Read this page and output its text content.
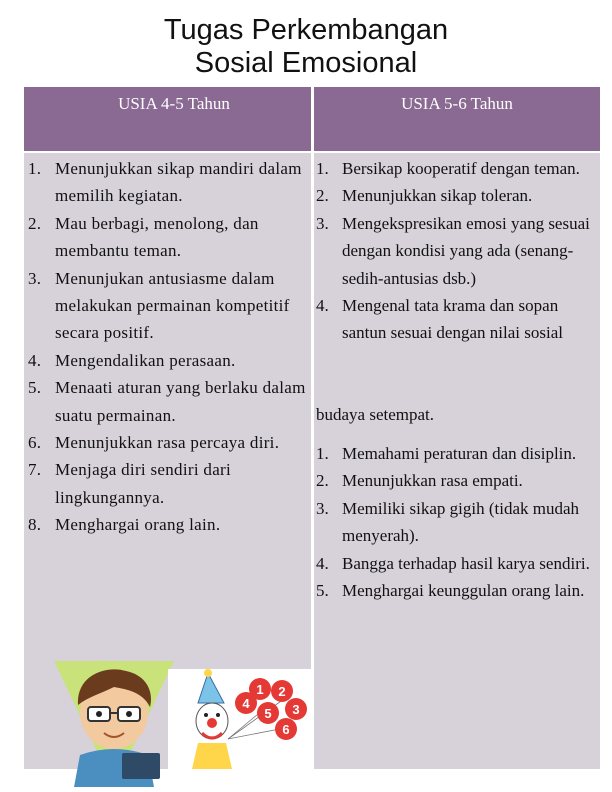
Tugas Perkembangan
Sosial Emosional
USIA 4-5 Tahun	USIA 5-6 Tahun
1. Menunjukkan sikap mandiri dalam memilih kegiatan.
2. Mau berbagi, menolong, dan membantu teman.
3. Menunjukan antusiasme dalam melakukan permainan kompetitif secara positif.
4. Mengendalikan perasaan.
5. Menaati aturan yang berlaku dalam suatu permainan.
6. Menunjukkan rasa percaya diri.
7. Menjaga diri sendiri dari lingkungannya.
8. Menghargai orang lain.
1. Bersikap kooperatif dengan teman.
2. Menunjukkan sikap toleran.
3. Mengekspresikan emosi yang sesuai dengan kondisi yang ada (senang-sedih-antusias dsb.)
4. Mengenal tata krama dan sopan santun sesuai dengan nilai sosial
budaya setempat.
1. Memahami peraturan dan disiplin.
2. Menunjukkan rasa empati.
3. Memiliki sikap gigih (tidak mudah menyerah).
4. Bangga terhadap hasil karya sendiri.
5. Menghargai keunggulan orang lain.
1 2
3
4
5
6
